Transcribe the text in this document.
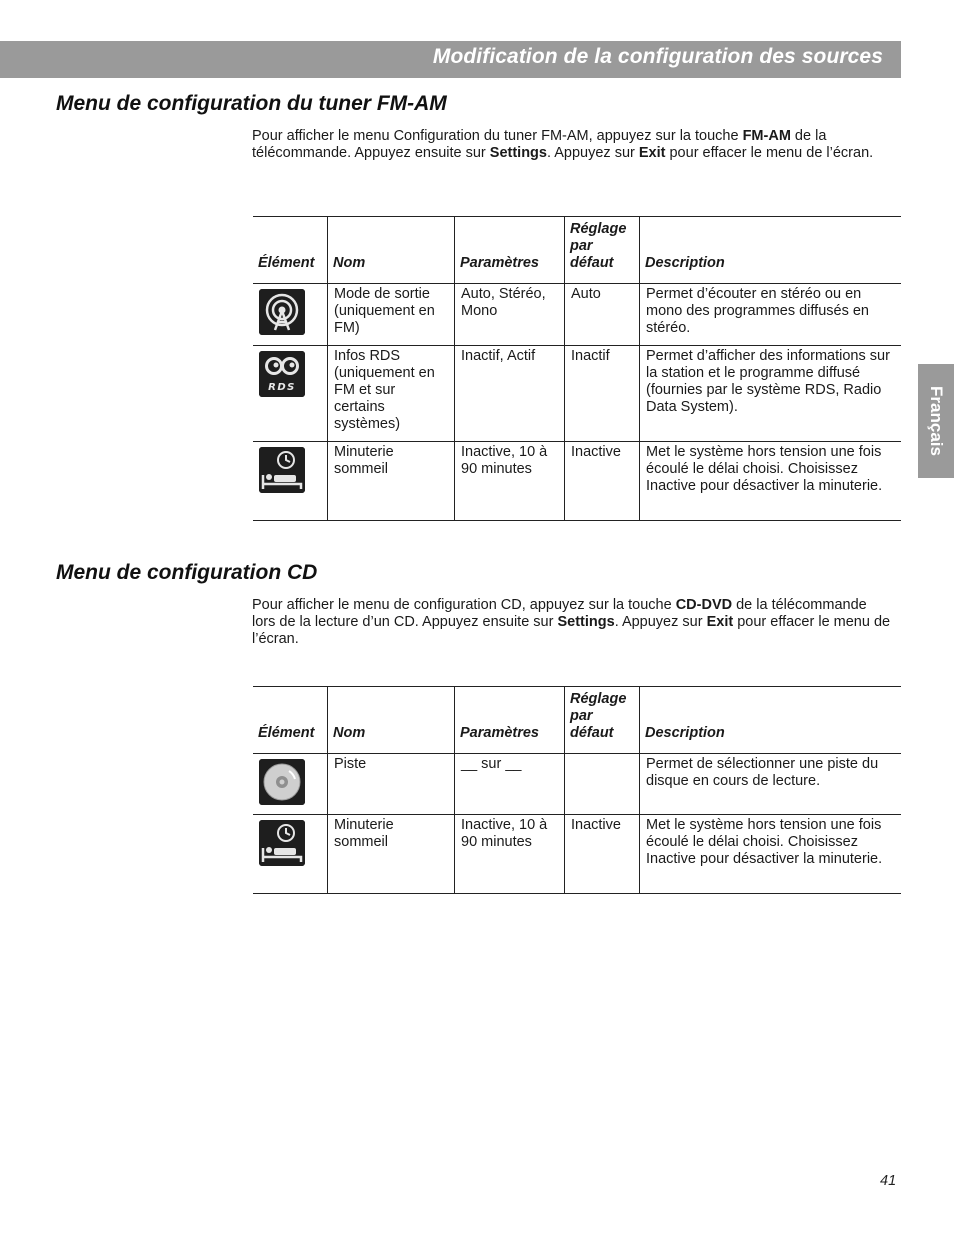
Modification de la configuration des sources
Français
Menu de configuration du tuner FM-AM
Pour afficher le menu Configuration du tuner FM-AM, appuyez sur la touche FM-AM de la télécommande. Appuyez ensuite sur Settings. Appuyez sur Exit pour effacer le menu de l’écran.
Élément	Nom	Paramètres	Réglage par défaut	Description

	Mode de sortie (uniquement en FM)	Auto, Stéréo, Mono	Auto	Permet d’écouter en stéréo ou en mono des programmes diffusés en stéréo.

RDS	Infos RDS (uniquement en FM et sur certains systèmes)	Inactif, Actif	Inactif	Permet d’afficher des informations sur la station et le programme diffusé (fournies par le système RDS, Radio Data System).

	Minuterie sommeil	Inactive, 10 à 90 minutes	Inactive	Met le système hors tension une fois écoulé le délai choisi. Choisissez Inactive pour désactiver la minuterie.
Menu de configuration CD
Pour afficher le menu de configuration CD, appuyez sur la touche CD-DVD de la télécommande lors de la lecture d’un CD. Appuyez ensuite sur Settings. Appuyez sur Exit pour effacer le menu de l’écran.
Élément	Nom	Paramètres	Réglage par défaut	Description

	Piste	__ sur __		Permet de sélectionner une piste du disque en cours de lecture.

	Minuterie sommeil	Inactive, 10 à 90 minutes	Inactive	Met le système hors tension une fois écoulé le délai choisi. Choisissez Inactive pour désactiver la minuterie.
41
